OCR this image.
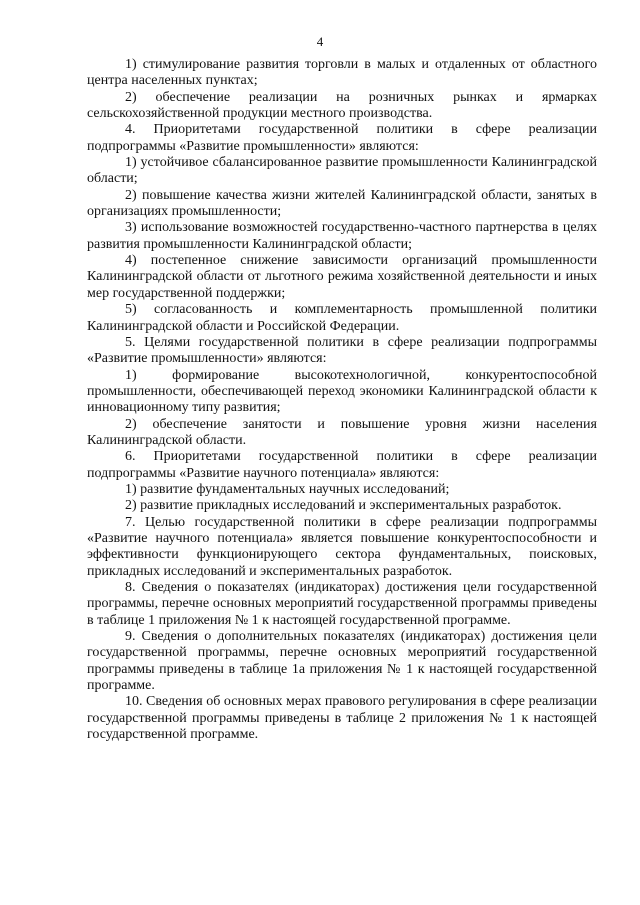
4

1) стимулирование развития торговли в малых и отдаленных от областного центра населенных пунктах;

2) обеспечение реализации на розничных рынках и ярмарках сельскохозяйственной продукции местного производства.

4. Приоритетами государственной политики в сфере реализации подпрограммы «Развитие промышленности» являются:

1) устойчивое сбалансированное развитие промышленности Калининградской области;

2) повышение качества жизни жителей Калининградской области, занятых в организациях промышленности;

3) использование возможностей государственно-частного партнерства в целях развития промышленности Калининградской области;

4) постепенное снижение зависимости организаций промышленности Калининградской области от льготного режима хозяйственной деятельности и иных мер государственной поддержки;

5) согласованность и комплементарность промышленной политики Калининградской области и Российской Федерации.

5. Целями государственной политики в сфере реализации подпрограммы «Развитие промышленности» являются:

1) формирование высокотехнологичной, конкурентоспособной промышленности, обеспечивающей переход экономики Калининградской области к инновационному типу развития;

2) обеспечение занятости и повышение уровня жизни населения Калининградской области.

6. Приоритетами государственной политики в сфере реализации подпрограммы «Развитие научного потенциала» являются:

1) развитие фундаментальных научных исследований;

2) развитие прикладных исследований и экспериментальных разработок.

7. Целью государственной политики в сфере реализации подпрограммы «Развитие научного потенциала» является повышение конкурентоспособности и эффективности функционирующего сектора фундаментальных, поисковых, прикладных исследований и экспериментальных разработок.

8. Сведения о показателях (индикаторах) достижения цели государственной программы, перечне основных мероприятий государственной программы приведены в таблице 1 приложения № 1 к настоящей государственной программе.

9. Сведения о дополнительных показателях (индикаторах) достижения цели государственной программы, перечне основных мероприятий государственной программы приведены в таблице 1а приложения № 1 к настоящей государственной программе.

10. Сведения об основных мерах правового регулирования в сфере реализации государственной программы приведены в таблице 2 приложения № 1 к настоящей государственной программе.
